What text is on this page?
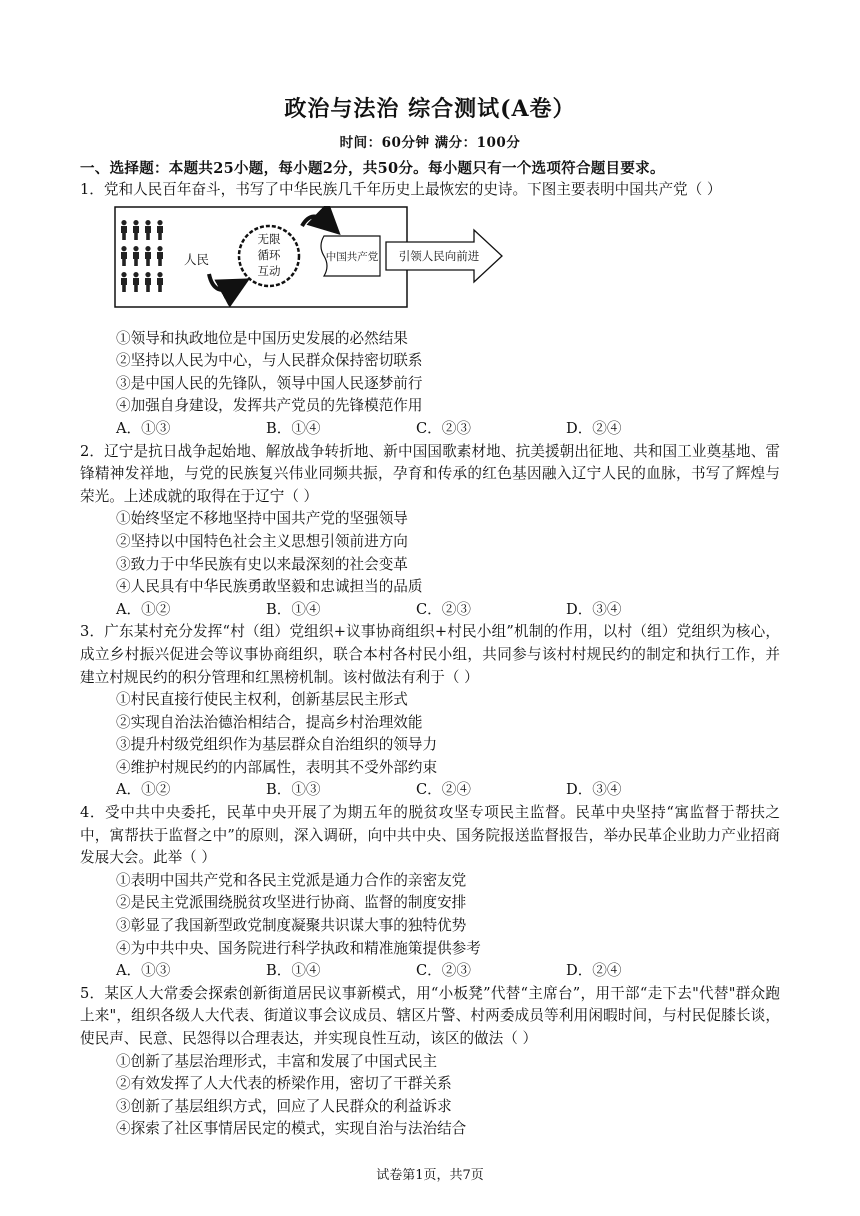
政治与法治 综合测试(A卷）
时间：60分钟 满分：100分
一、选择题：本题共25小题，每小题2分，共50分。每小题只有一个选项符合题目要求。
1．党和人民百年奋斗，书写了中华民族几千年历史上最恢宏的史诗。下图主要表明中国共产党（ ）
人民
无限
循环
互动
中国共产党 引领人民向前进
①领导和执政地位是中国历史发展的必然结果
②坚持以人民为中心，与人民群众保持密切联系
③是中国人民的先锋队，领导中国人民逐梦前行
④加强自身建设，发挥共产党员的先锋模范作用
A．①③	B．①④	C．②③	D．②④
2．辽宁是抗日战争起始地、解放战争转折地、新中国国歌素材地、抗美援朝出征地、共和国工业奠基地、雷锋精神发祥地，与党的民族复兴伟业同频共振，孕育和传承的红色基因融入辽宁人民的血脉，书写了辉煌与荣光。上述成就的取得在于辽宁（ ）
①始终坚定不移地坚持中国共产党的坚强领导
②坚持以中国特色社会主义思想引领前进方向
③致力于中华民族有史以来最深刻的社会变革
④人民具有中华民族勇敢坚毅和忠诚担当的品质
A．①②	B．①④	C．②③	D．③④
3．广东某村充分发挥“村（组）党组织+议事协商组织+村民小组”机制的作用，以村（组）党组织为核心，成立乡村振兴促进会等议事协商组织，联合本村各村民小组，共同参与该村村规民约的制定和执行工作，并建立村规民约的积分管理和红黑榜机制。该村做法有利于（ ）
①村民直接行使民主权利，创新基层民主形式
②实现自治法治德治相结合，提高乡村治理效能
③提升村级党组织作为基层群众自治组织的领导力
④维护村规民约的内部属性，表明其不受外部约束
A．①②	B．①③	C．②④	D．③④
4．受中共中央委托，民革中央开展了为期五年的脱贫攻坚专项民主监督。民革中央坚持“寓监督于帮扶之中，寓帮扶于监督之中”的原则，深入调研，向中共中央、国务院报送监督报告，举办民革企业助力产业招商发展大会。此举（ ）
①表明中国共产党和各民主党派是通力合作的亲密友党
②是民主党派围绕脱贫攻坚进行协商、监督的制度安排
③彰显了我国新型政党制度凝聚共识谋大事的独特优势
④为中共中央、国务院进行科学执政和精准施策提供参考
A．①③	B．①④	C．②③	D．②④
5．某区人大常委会探索创新街道居民议事新模式，用“小板凳”代替“主席台”，用干部“走下去"代替"群众跑上来"，组织各级人大代表、街道议事会议成员、辖区片警、村两委成员等利用闲暇时间，与村民促膝长谈，使民声、民意、民怨得以合理表达，并实现良性互动，该区的做法（ ）
①创新了基层治理形式，丰富和发展了中国式民主
②有效发挥了人大代表的桥梁作用，密切了干群关系
③创新了基层组织方式，回应了人民群众的利益诉求
④探索了社区事情居民定的模式，实现自治与法治结合
试卷第1页，共7页
